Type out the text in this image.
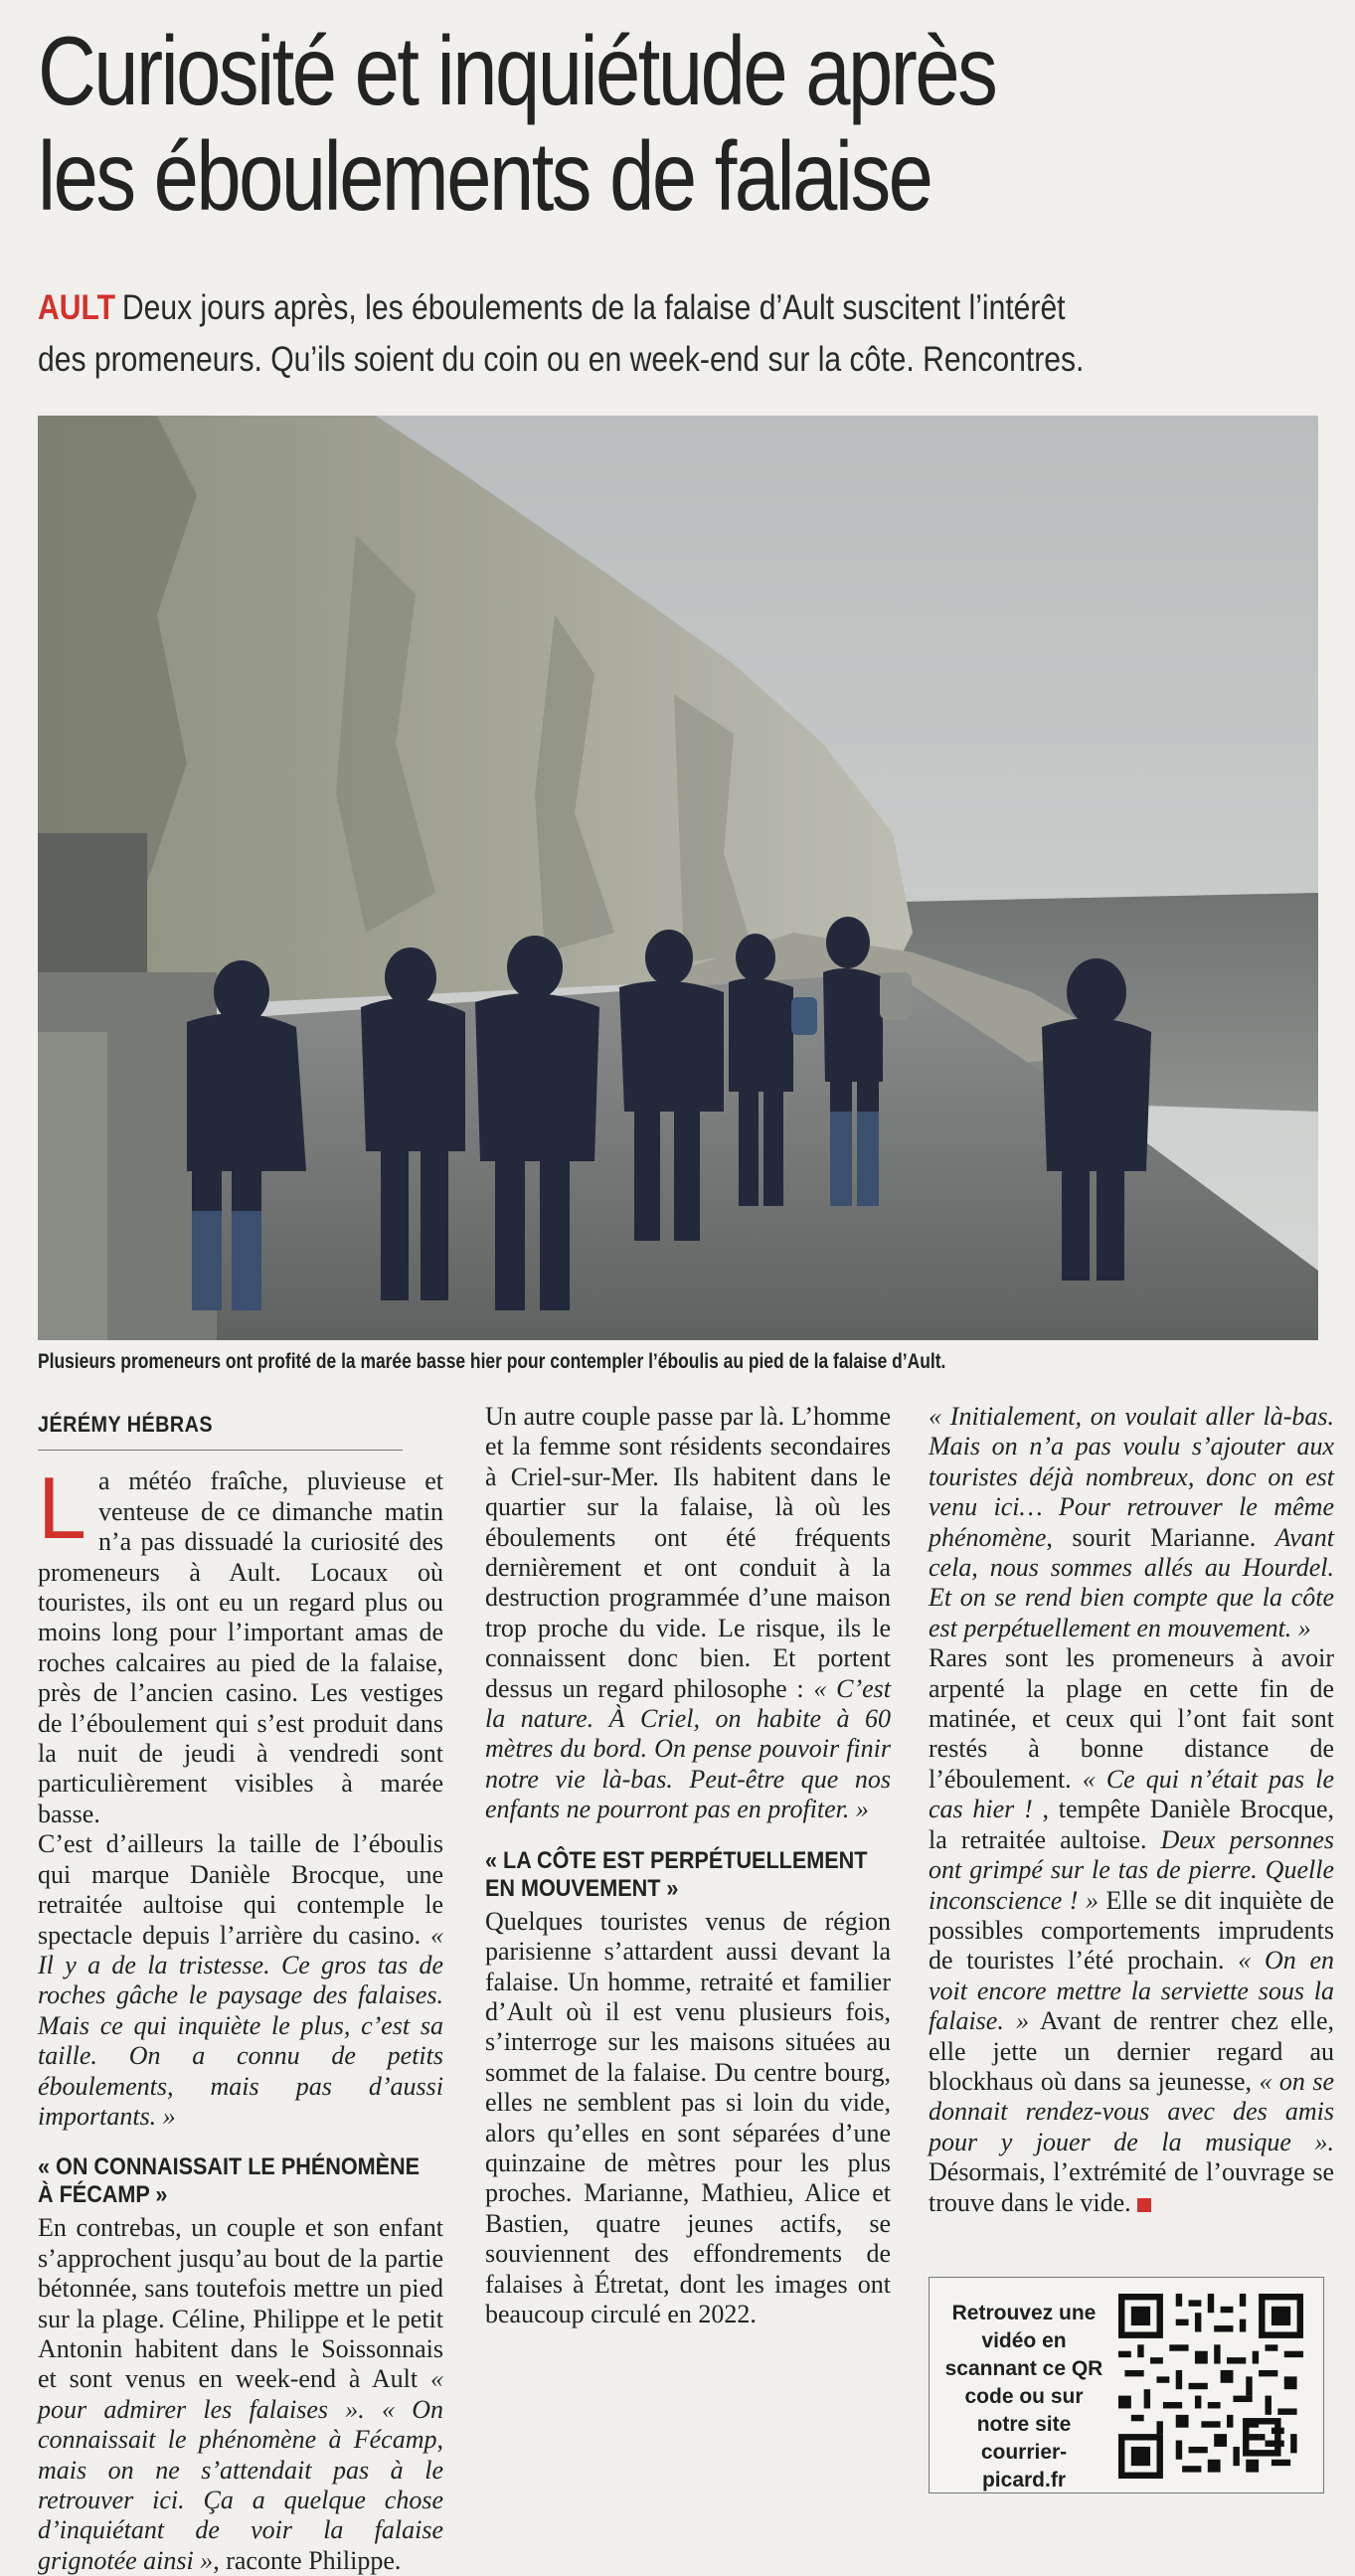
Curiosité et inquiétude après
les éboulements de falaise
AULT Deux jours après, les éboulements de la falaise d’Ault suscitent l’intérêt
des promeneurs. Qu’ils soient du coin ou en week-end sur la côte. Rencontres.
Plusieurs promeneurs ont profité de la marée basse hier pour contempler l’éboulis au pied de la falaise d’Ault.
JÉRÉMY HÉBRAS

La météo fraîche, pluvieuse et venteuse de ce dimanche matin n’a pas dissuadé la curiosité des promeneurs à Ault. Locaux où touristes, ils ont eu un regard plus ou moins long pour l’important amas de roches calcaires au pied de la falaise, près de l’ancien casino. Les vestiges de l’éboulement qui s’est produit dans la nuit de jeudi à vendredi sont particulièrement visibles à marée basse.

C’est d’ailleurs la taille de l’éboulis qui marque Danièle Brocque, une retraitée aultoise qui contemple le spectacle depuis l’arrière du casino. « Il y a de la tristesse. Ce gros tas de roches gâche le paysage des falaises. Mais ce qui inquiète le plus, c’est sa taille. On a connu de petits éboulements, mais pas d’aussi importants. »

« ON CONNAISSAIT LE PHÉNOMÈNE À FÉCAMP »

En contrebas, un couple et son enfant s’approchent jusqu’au bout de la partie bétonnée, sans toutefois mettre un pied sur la plage. Céline, Philippe et le petit Antonin habitent dans le Soissonnais et sont venus en week-end à Ault « pour admirer les falaises ». « On connaissait le phénomène à Fécamp, mais on ne s’attendait pas à le retrouver ici. Ça a quelque chose d’inquiétant de voir la falaise grignotée ainsi », raconte Philippe.

Un autre couple passe par là. L’homme et la femme sont résidents secondaires à Criel-sur-Mer. Ils habitent dans le quartier sur la falaise, là où les éboulements ont été fréquents dernièrement et ont conduit à la destruction programmée d’une maison trop proche du vide. Le risque, ils le connaissent donc bien. Et portent dessus un regard philosophe : « C’est la nature. À Criel, on habite à 60 mètres du bord. On pense pouvoir finir notre vie là-bas. Peut-être que nos enfants ne pourront pas en profiter. »

« LA CÔTE EST PERPÉTUELLEMENT EN MOUVEMENT »

Quelques touristes venus de région parisienne s’attardent aussi devant la falaise. Un homme, retraité et familier d’Ault où il est venu plusieurs fois, s’interroge sur les maisons situées au sommet de la falaise. Du centre bourg, elles ne semblent pas si loin du vide, alors qu’elles en sont séparées d’une quinzaine de mètres pour les plus proches. Marianne, Mathieu, Alice et Bastien, quatre jeunes actifs, se souviennent des effondrements de falaises à Étretat, dont les images ont beaucoup circulé en 2022.

« Initialement, on voulait aller là-bas. Mais on n’a pas voulu s’ajouter aux touristes déjà nombreux, donc on est venu ici… Pour retrouver le même phénomène, sourit Marianne. Avant cela, nous sommes allés au Hourdel. Et on se rend bien compte que la côte est perpétuellement en mouvement. »

Rares sont les promeneurs à avoir arpenté la plage en cette fin de matinée, et ceux qui l’ont fait sont restés à bonne distance de l’éboulement. « Ce qui n’était pas le cas hier ! , tempête Danièle Brocque, la retraitée aultoise. Deux personnes ont grimpé sur le tas de pierre. Quelle inconscience ! » Elle se dit inquiète de possibles comportements imprudents de touristes l’été prochain. « On en voit encore mettre la serviette sous la falaise. » Avant de rentrer chez elle, elle jette un dernier regard au blockhaus où dans sa jeunesse, « on se donnait rendez-vous avec des amis pour y jouer de la musique ». Désormais, l’extrémité de l’ouvrage se trouve dans le vide.

Retrouvez une vidéo en scannant ce QR code ou sur notre site courrier-picard.fr
